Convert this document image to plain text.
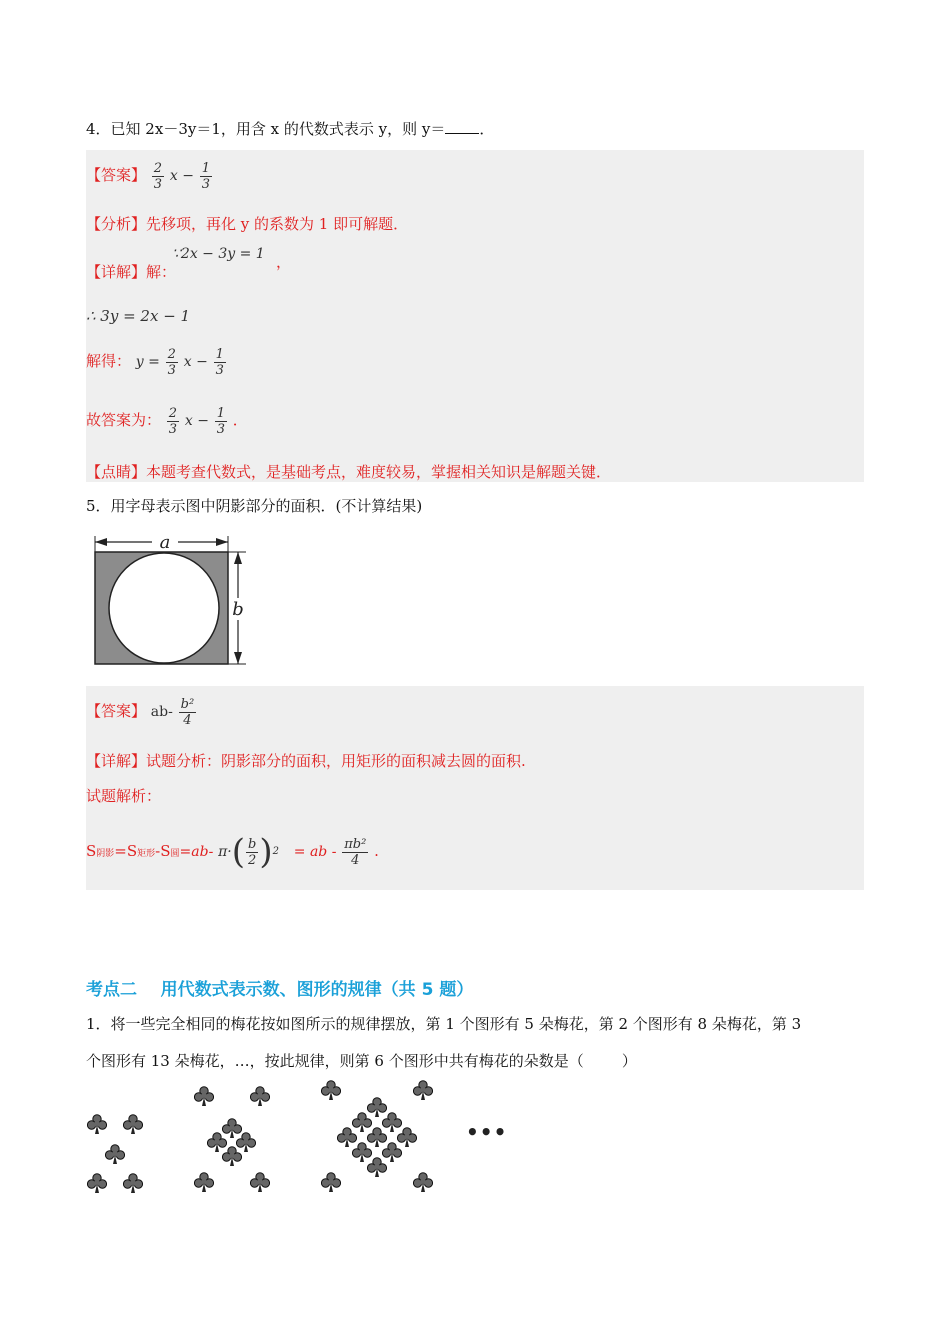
4．已知 2x－3y＝1，用含 x 的代数式表示 y，则 y＝ ．
【答案】 $\frac{2}{3}$ $x - \frac{1}{3}$
【分析】先移项，再化 y 的系数为 1 即可解题．
【详解】解：
∵2x − 3y = 1 ，
∴ 3y = 2x − 1
解得： $y = \frac{2}{3}$ $x - \frac{1}{3}$
故答案为： $\frac{2}{3}$ $x - \frac{1}{3}$ ．
【点睛】本题考查代数式，是基础考点，难度较易，掌握相关知识是解题关键．
5．用字母表示图中阴影部分的面积．(不计算结果)
a
b
【答案】 $ab- \frac{\text{b²}}{4}$
【详解】试题分析：阴影部分的面积，用矩形的面积减去圆的面积.
试题解析：
S阴影=S矩形-S圆=ab- $\pi\cdot( \frac{b}{2} )2$ = ab - $\frac{\text{πb²}}{4}$ .
考点二    用代数式表示数、图形的规律（共 5 题）
1．将一些完全相同的梅花按如图所示的规律摆放，第 1 个图形有 5 朵梅花，第 2 个图形有 8 朵梅花，第 3
个图形有 13 朵梅花，…，按此规律，则第 6 个图形中共有梅花的朵数是（        ）
•••
